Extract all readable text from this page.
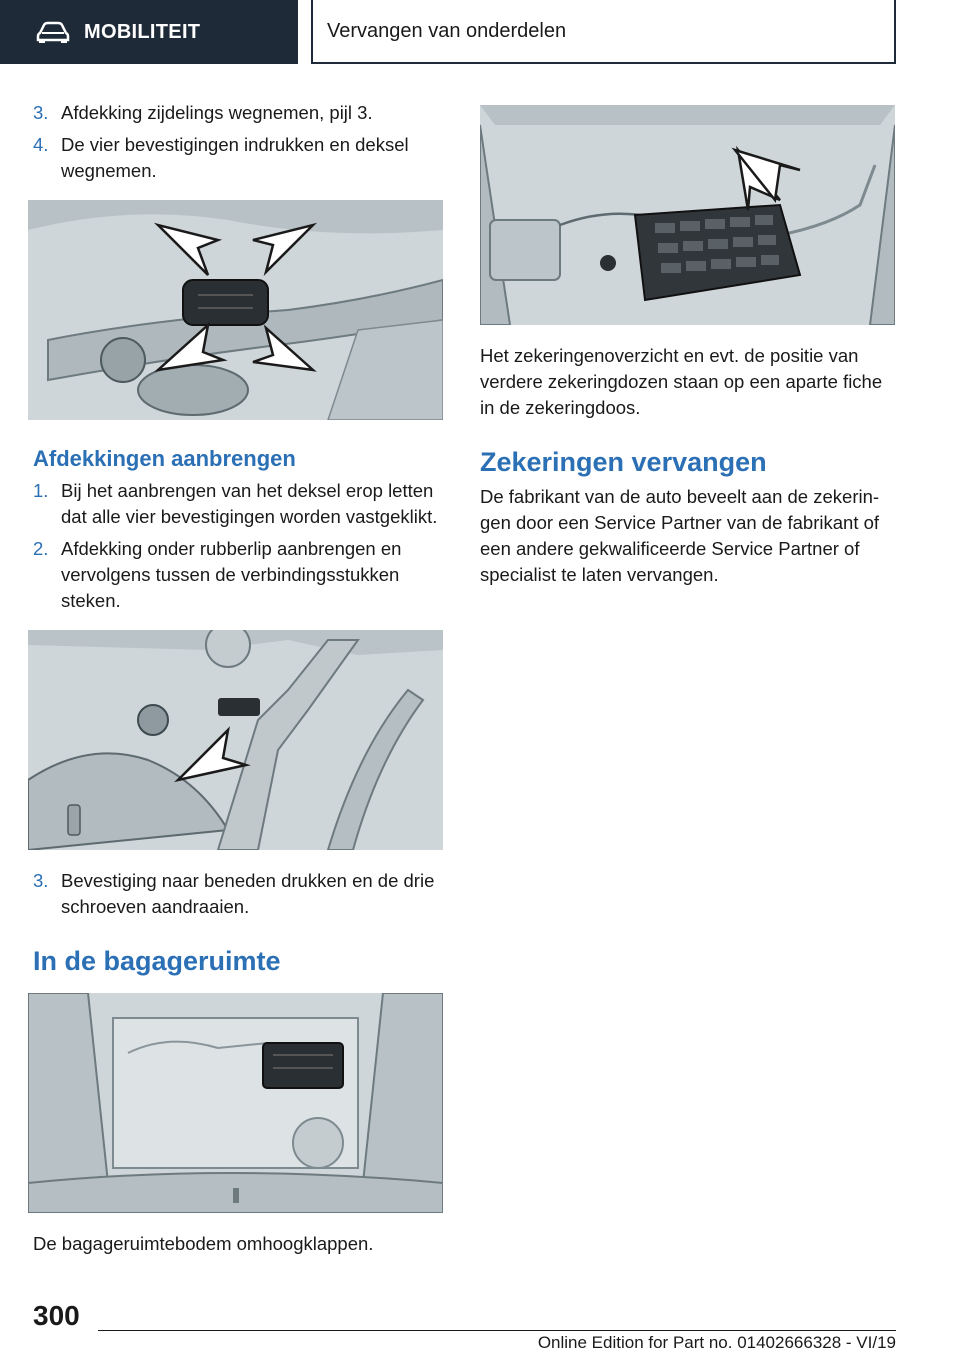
MOBILITEIT	Vervangen van onderdelen
3. Afdekking zijdelings wegnemen, pijl 3.
4. De vier bevestigingen indrukken en deksel wegnemen.
Afdekkingen aanbrengen
1. Bij het aanbrengen van het deksel erop letten dat alle vier bevestigingen worden vastgeklikt.
2. Afdekking onder rubberlip aanbrengen en vervolgens tussen de verbindingsstukken steken.
3. Bevestiging naar beneden drukken en de drie schroeven aandraaien.
In de bagageruimte
De bagageruimtebodem omhoogklappen.
Het zekeringenoverzicht en evt. de positie van verdere zekeringdozen staan op een aparte fiche in de zekeringdoos.
Zekeringen vervangen
De fabrikant van de auto beveelt aan de zekerin-gen door een Service Partner van de fabrikant of een andere gekwalificeerde Service Partner of specialist te laten vervangen.
300
Online Edition for Part no. 01402666328 - VI/19
